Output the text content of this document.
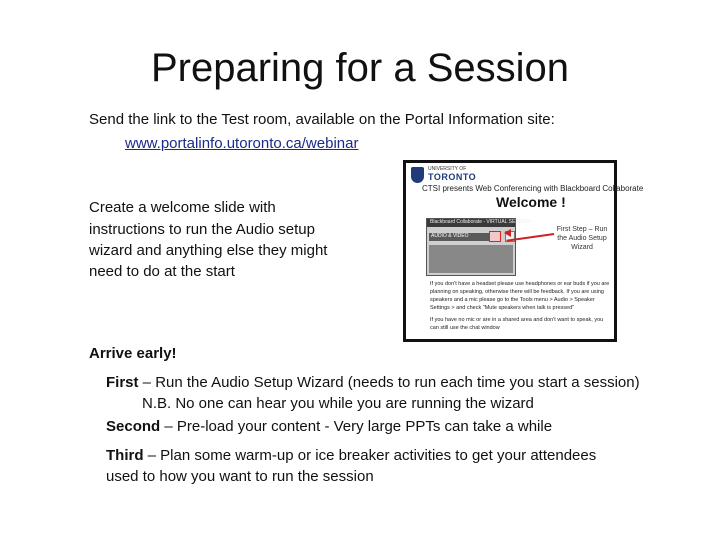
Preparing for a Session
Send the link to the Test room, available on the Portal Information site:
www.portalinfo.utoronto.ca/webinar
Create a welcome slide with
instructions to run the Audio setup
wizard and anything else they might
need to do at the start
UNIVERSITY OF
TORONTO
CTSI presents Web Conferencing with Blackboard Collaborate
Welcome !
Blackboard Collaborate - VIRTUAL SESSION
AUDIO & VIDEO
First Step – Run the Audio Setup Wizard
If you don't have a headset please use headphones or ear buds if you are planning on speaking, otherwise there will be feedback. If you are using speakers and a mic please go to the Tools menu > Audio > Speaker Settings > and check "Mute speakers when talk is pressed"
If you have no mic or are in a shared area and don't want to speak, you can still use the chat window
Arrive early!
First – Run the Audio Setup Wizard (needs to run each time you start a session)
N.B. No one can hear you while you are running the wizard
Second – Pre-load your content - Very large PPTs can take a while
Third – Plan some warm-up or ice breaker activities to get your attendees
used to how you want to run the session
